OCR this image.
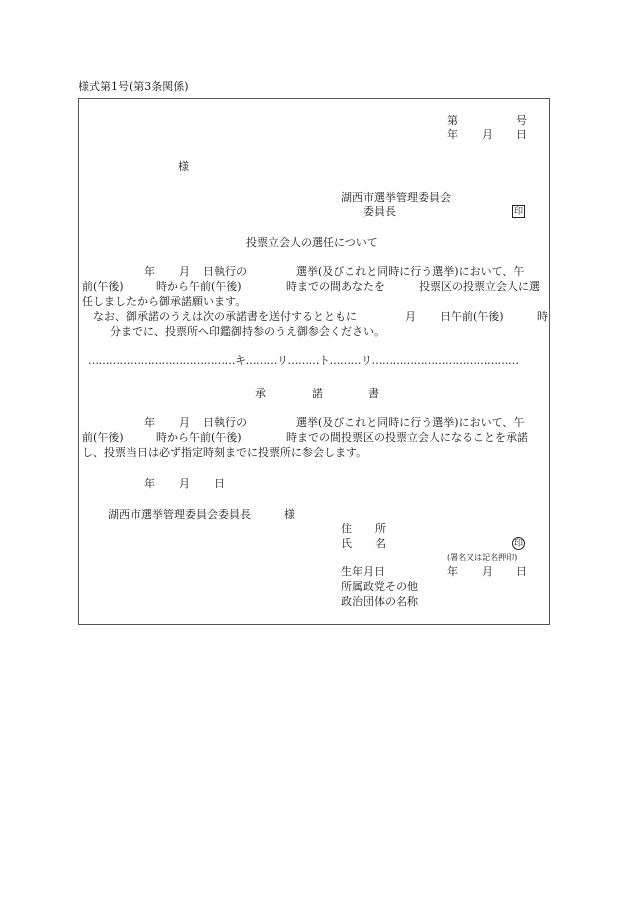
様式第1号(第3条関係)
第	号
年 月 日
様
湖西市選挙管理委員会
委員長	印
投票立会人の選任について
年 月 日執行の	選挙(及びこれと同時に行う選挙)において、午
前(午後)	時から午前(午後)	時までの間あなたを	投票区の投票立会人に選
任しましたから御承諾願います。
なお、御承諾のうえは次の承諾書を送付するとともに	月 日午前(午後)	時
分までに、投票所へ印鑑御持参のうえ御参会ください。
……………………………………キ………リ………ト………リ……………………………………
承	諾	書
年 月 日執行の	選挙(及びこれと同時に行う選挙)において、午
前(午後)	時から午前(午後)	時までの間投票区の投票立会人になることを承諾
し、投票当日は必ず指定時刻までに投票所に参会します。
年 月 日
湖西市選挙管理委員会委員長	様
住 所
氏 名	印
(署名又は記名押印)
生年月日	年 月 日
所属政党その他
政治団体の名称
